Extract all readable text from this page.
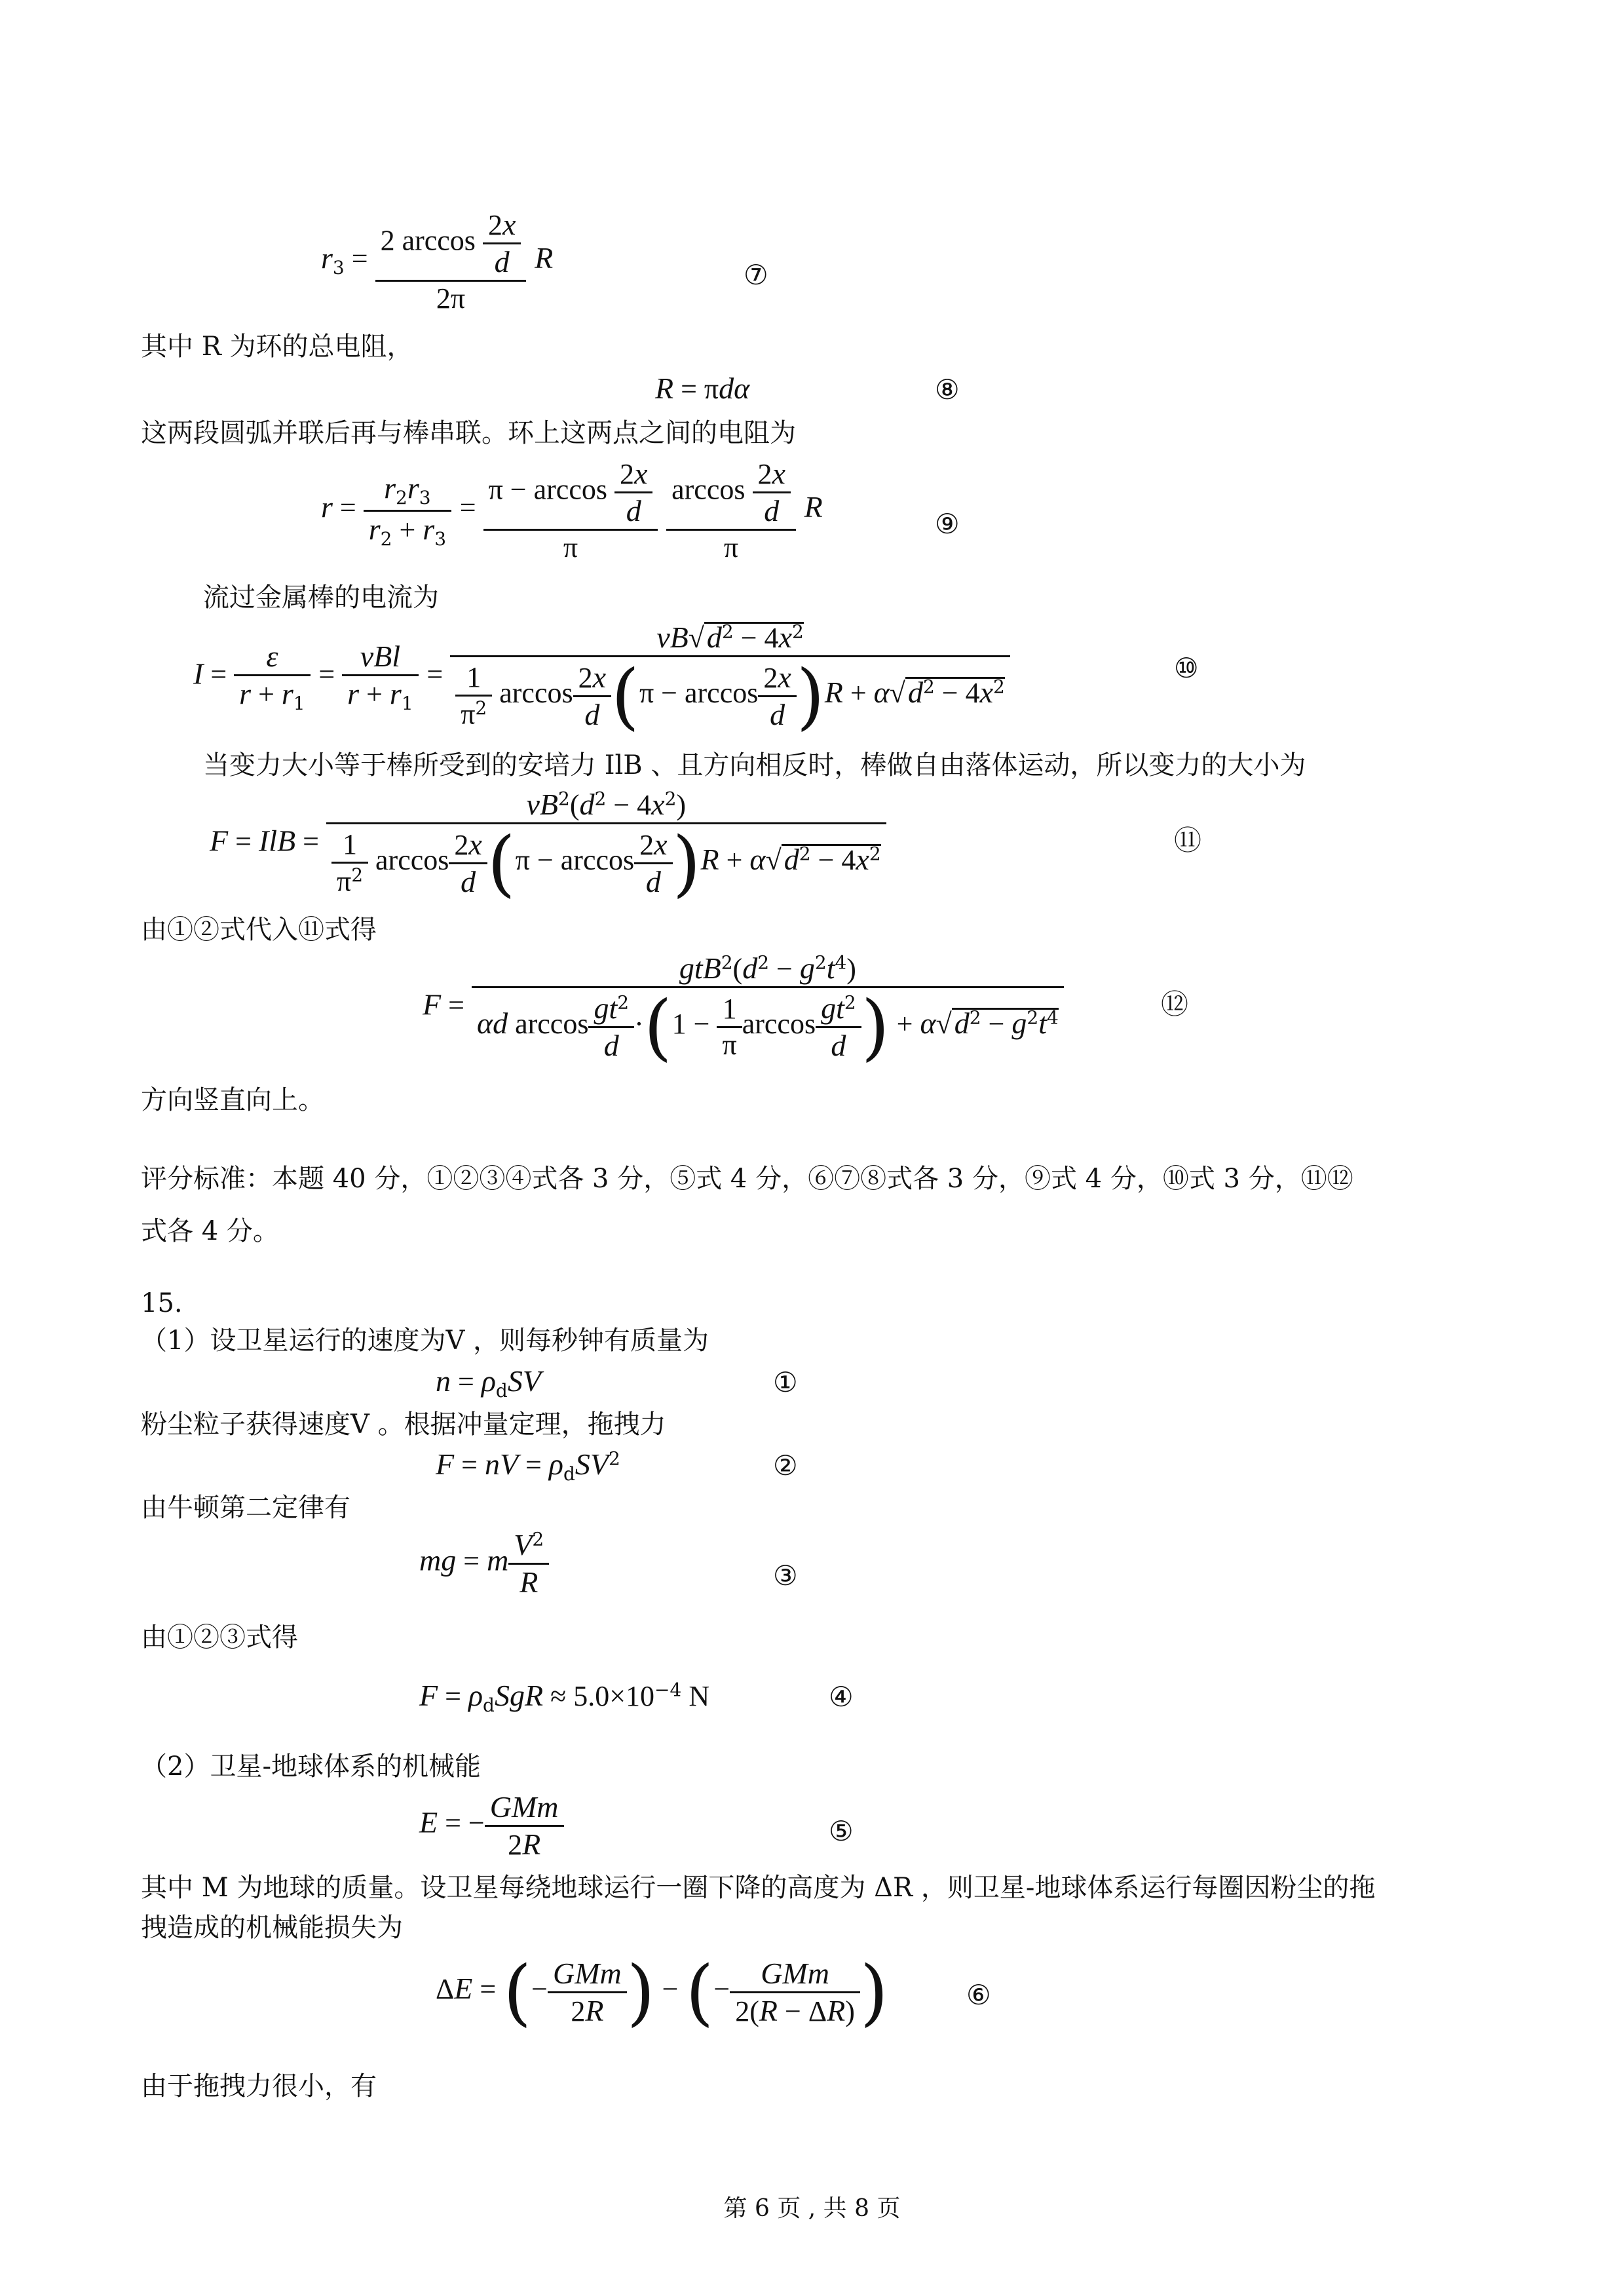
$r_3 = \frac{2 \arccos \frac{2x}{d}}{2\pi}$ R
⑦
其中 R 为环的总电阻，
R = πdα	⑧
这两段圆弧并联后再与棒串联。环上这两点之间的电阻为
$r = \frac{r_2r_3}{r_2 + r_3} = \frac{\pi - \arccos \frac{2x}{d}}{\pi}$
$\frac{\arccos \frac{2x}{d}}{\pi}$ R
⑨
流过金属棒的电流为
$I = \frac{\varepsilon}{r + r_1} = \frac{\text{vBl}}{r + r_1} = \frac{vB√d^2 - 4x^2}{\frac{1}{\pi^2} \arccos \frac{2x}{d} (\pi - \arccos \frac{2x}{d} )R + \alpha√d^2 - 4x^2}$	⑩
当变力大小等于棒所受到的安培力 IlB 、且方向相反时，棒做自由落体运动，所以变力的大小为
F = IlB = $\frac{vB^2(d^2 - 4x^2)}{\frac{1}{\pi^2} \arccos \frac{2x}{d} (\pi - \arccos \frac{2x}{d} )R + \alpha√d^2 - 4x^2}$	⑪
由①②式代入⑪式得
$F = \frac{gtB^2(d^2 - g^2t^4)}{\alpha d \arccos \frac{gt^2}{d} \cdot(1 - \frac{1}{\pi} \arccos \frac{gt^2}{d} ) + \alpha√d^2 - g^2t^4}$	⑫
方向竖直向上。
评分标准：本题 40 分，①②③④式各 3 分，⑤式 4 分，⑥⑦⑧式各 3 分，⑨式 4 分，⑩式 3 分，⑪⑫
式各 4 分。
15.
（1）设卫星运行的速度为V ，则每秒钟有质量为
$n = \rho_dSV$	①
粉尘粒子获得速度V 。根据冲量定理，拖拽力
F = nV = $\rho_dSV^2$	②
由牛顿第二定律有
mg = m $\frac{V^2}{R}$	③
由①②③式得
$F = \rho_dSgR \approx 5.0\times 10^{-4}$ N	④
（2）卫星-地球体系的机械能
E = − $\frac{\text{GMm}}{2R}$	⑤
其中 M 为地球的质量。设卫星每绕地球运行一圈下降的高度为 ΔR ，则卫星-地球体系运行每圈因粉尘的拖
拽造成的机械能损失为
ΔE = (− $\frac{\text{GMm}}{2R}$ ) − (− $\frac{\text{GMm}}{2(R - \Delta R)}$ )	⑥
由于拖拽力很小，有
第 6 页 , 共 8 页
